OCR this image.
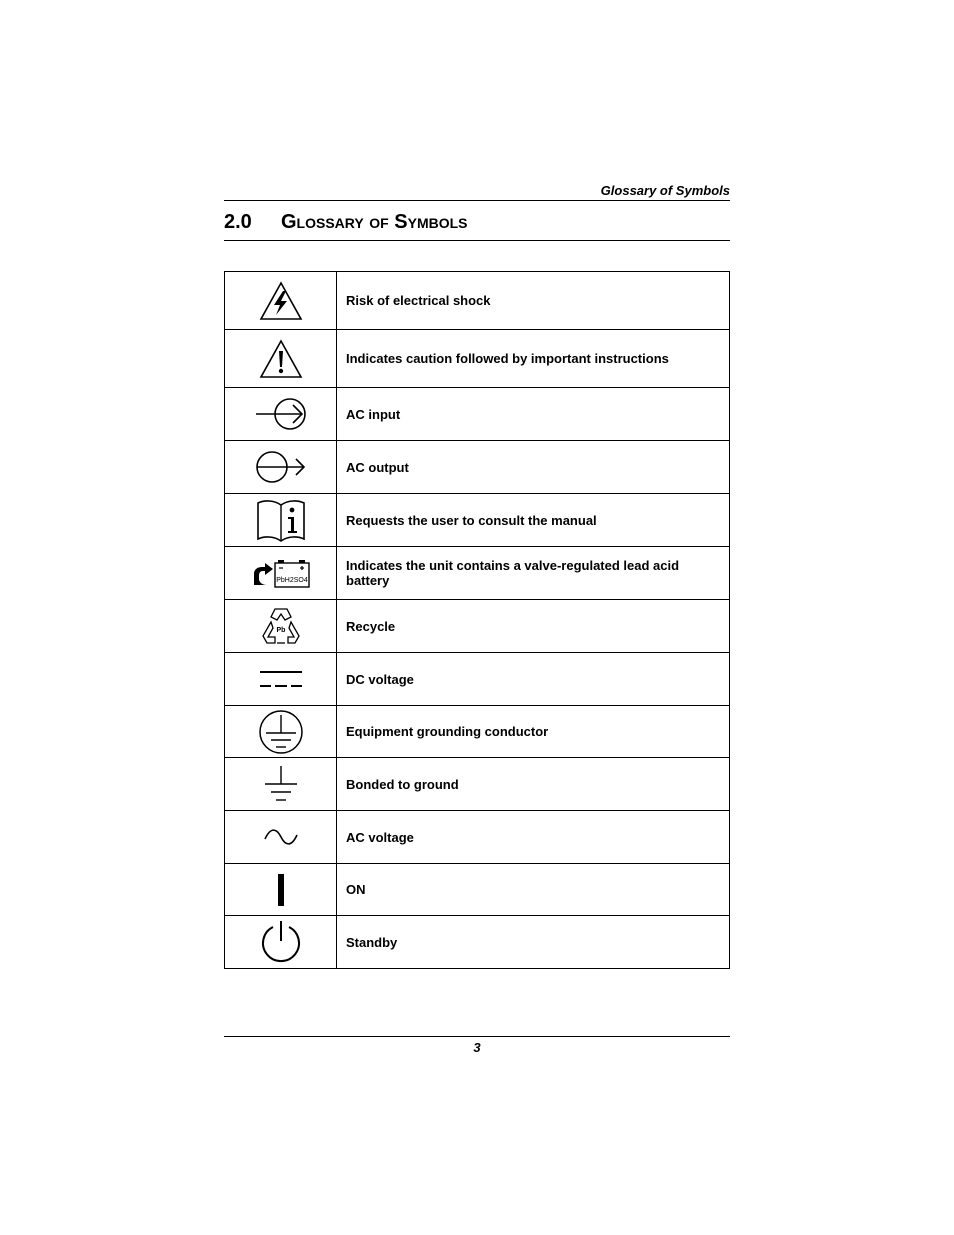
Glossary of Symbols
2.0 Glossary of Symbols
	Risk of electrical shock

	Indicates caution followed by important instructions

	AC input

	AC output

	Requests the user to consult the manual

PbH2SO4	Indicates the unit contains a valve-regulated lead acid battery

Pb	Recycle

	DC voltage

	Equipment grounding conductor

	Bonded to ground

	AC voltage

	ON

	Standby
3
